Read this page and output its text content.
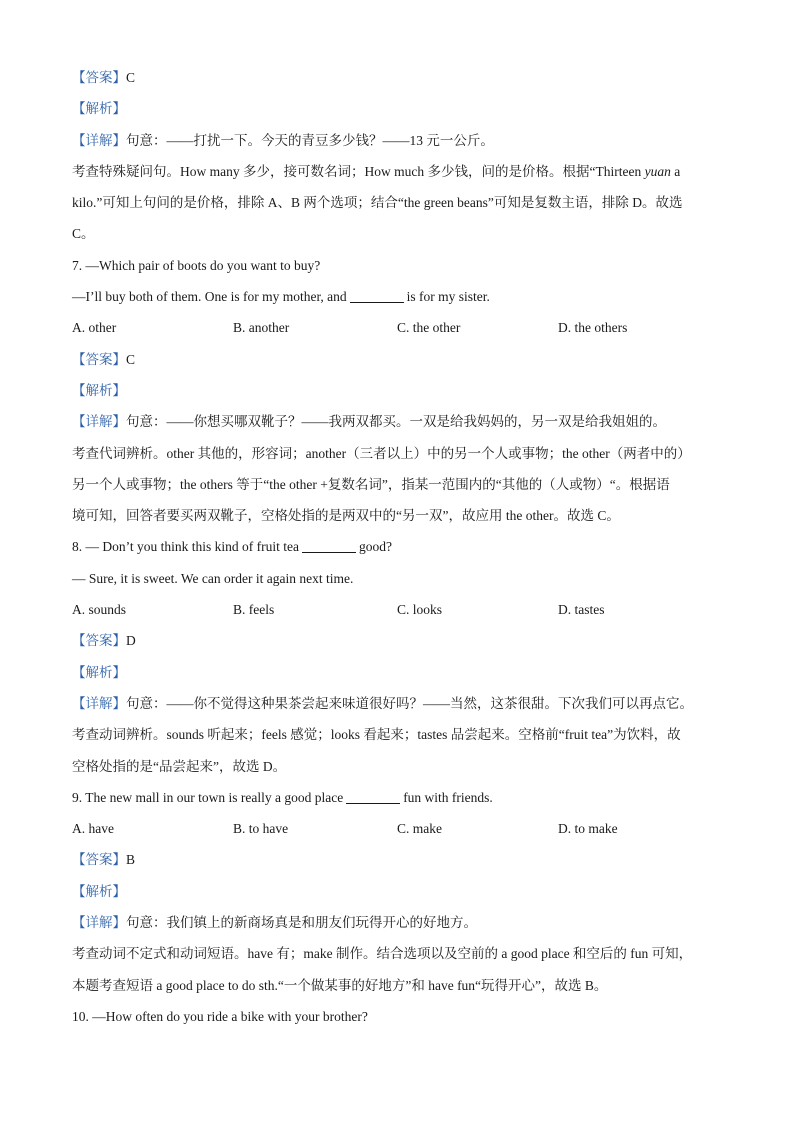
【答案】C
【解析】
【详解】句意：——打扰一下。今天的青豆多少钱？——13 元一公斤。
考查特殊疑问句。How many 多少，接可数名词；How much 多少钱，问的是价格。根据“Thirteen yuan a
kilo.”可知上句问的是价格，排除 A、B 两个选项；结合“the green beans”可知是复数主语，排除 D。故选
C。
7. —Which pair of boots do you want to buy?
—I’ll buy both of them. One is for my mother, and	is for my sister.
A. other	B. another	C. the other	D. the others
【答案】C
【解析】
【详解】句意：——你想买哪双靴子？——我两双都买。一双是给我妈妈的，另一双是给我姐姐的。
考查代词辨析。other 其他的，形容词；another（三者以上）中的另一个人或事物；the other（两者中的）
另一个人或事物；the others 等于“the other +复数名词”，指某一范围内的“其他的（人或物）“。根据语
境可知，回答者要买两双靴子，空格处指的是两双中的“另一双”，故应用 the other。故选 C。
8. — Don’t you think this kind of fruit tea	good?
— Sure, it is sweet. We can order it again next time.
A. sounds	B. feels	C. looks	D. tastes
【答案】D
【解析】
【详解】句意：——你不觉得这种果茶尝起来味道很好吗？——当然，这茶很甜。下次我们可以再点它。
考查动词辨析。sounds 听起来；feels 感觉；looks 看起来；tastes 品尝起来。空格前“fruit tea”为饮料，故
空格处指的是“品尝起来”，故选 D。
9. The new mall in our town is really a good place	fun with friends.
A. have	B. to have	C. make	D. to make
【答案】B
【解析】
【详解】句意：我们镇上的新商场真是和朋友们玩得开心的好地方。
考查动词不定式和动词短语。have 有；make 制作。结合选项以及空前的 a good place 和空后的 fun 可知，
本题考查短语 a good place to do sth.“一个做某事的好地方”和 have fun“玩得开心”，故选 B。
10. —How often do you ride a bike with your brother?
